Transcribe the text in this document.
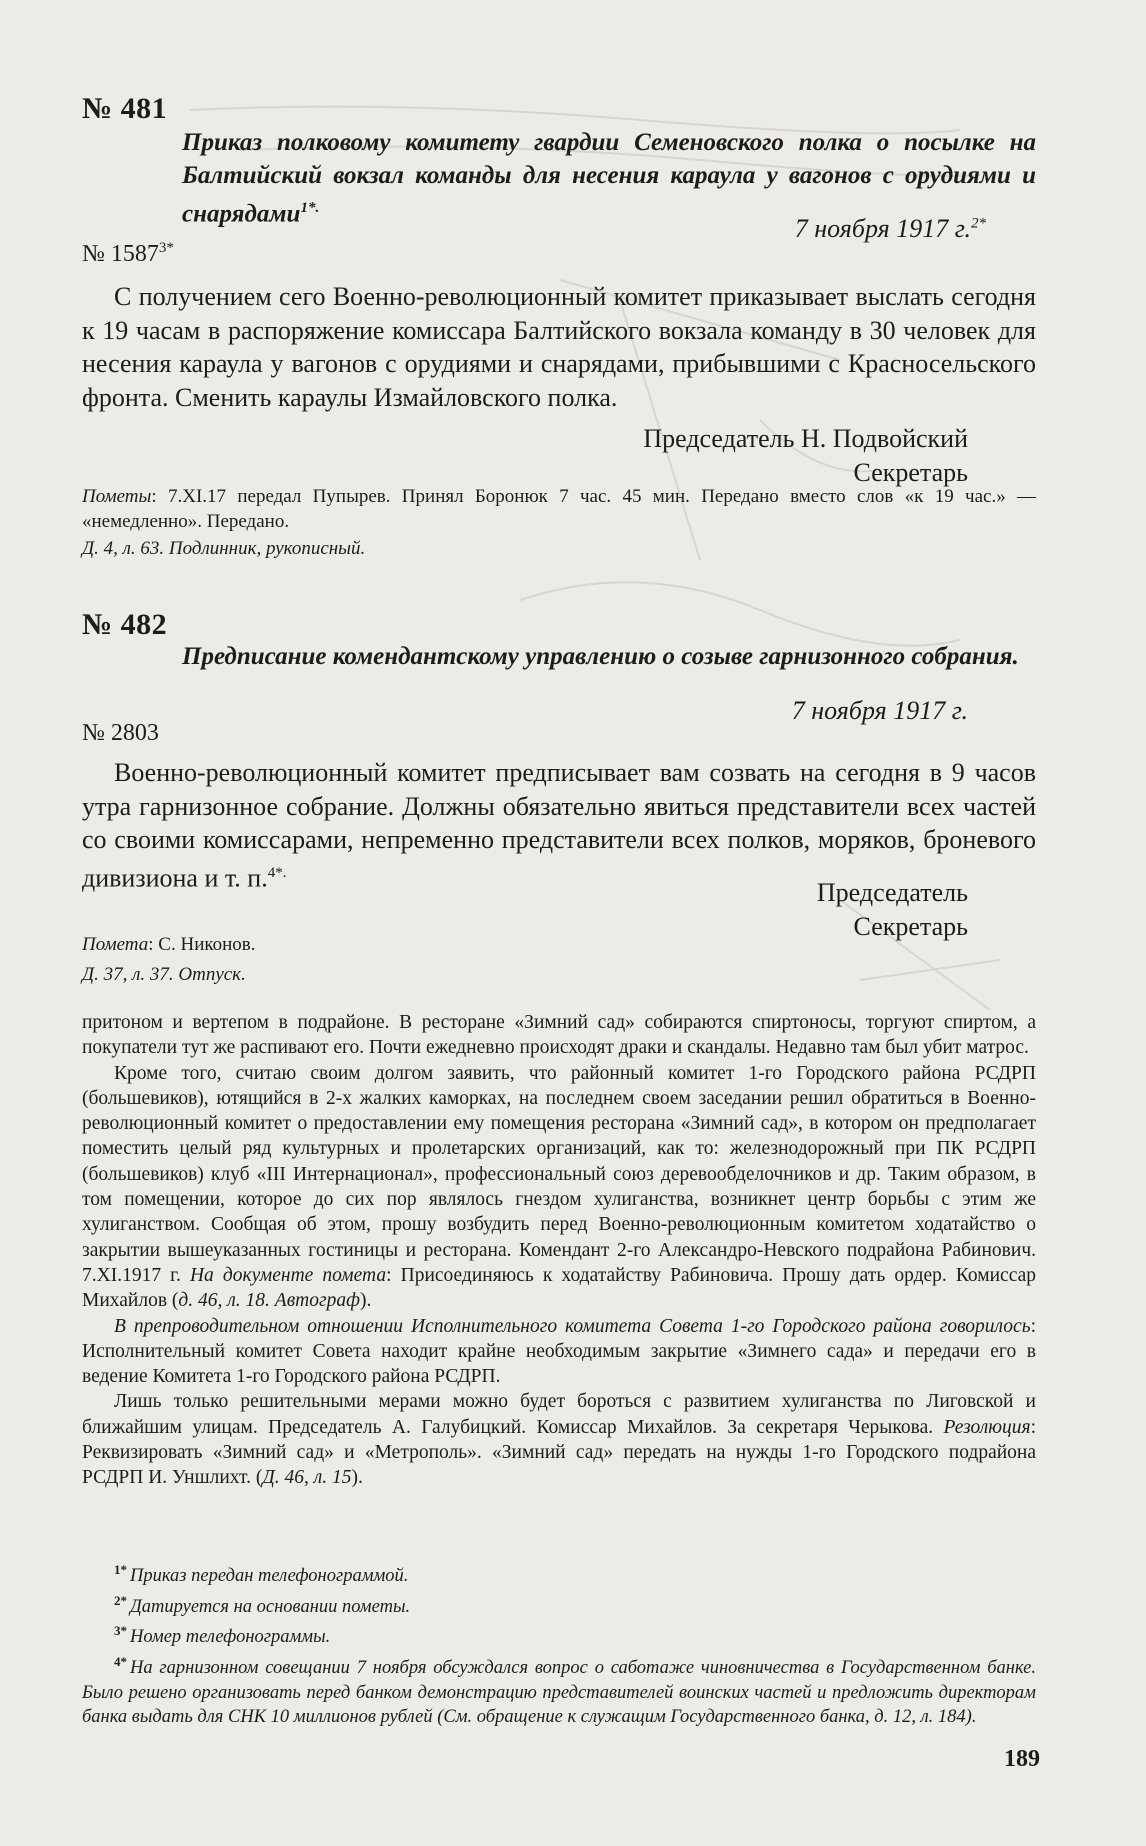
№ 481
Приказ полковому комитету гвардии Семеновского полка о посылке на Балтийский вокзал команды для несения караула у вагонов с орудиями и снарядами$^{1*.}$
7 ноября 1917 г.$^{2*}$
№ $1587^{3*}$
С получением сего Военно-революционный комитет приказывает выслать сегодня к 19 часам в распоряжение комиссара Балтийского вокзала команду в 30 человек для несения караула у вагонов с орудиями и снарядами, прибывшими с Красносельского фронта. Сменить караулы Измайловского полка.
Председатель Н. Подвойский
Секретарь
Пометы: 7.XI.17 передал Пупырев. Принял Боронюк 7 час. 45 мин. Передано вместо слов «к 19 час.» — «немедленно». Передано.
Д. 4, л. 63. Подлинник, рукописный.
№ 482
Предписание комендантскому управлению о созыве гарнизонного собрания.
7 ноября 1917 г.
№ 2803
Военно-революционный комитет предписывает вам созвать на сегодня в 9 часов утра гарнизонное собрание. Должны обязательно явиться представители всех частей со своими комиссарами, непременно представители всех полков, моряков, броневого дивизиона и т. п.$^{4*.}$
Председатель
Секретарь
Помета: С. Никонов.
Д. 37, л. 37. Отпуск.

притоном и вертепом в подрайоне. В ресторане «Зимний сад» собираются спиртоносы, торгуют спиртом, а покупатели тут же распивают его. Почти ежедневно происходят драки и скандалы. Недавно там был убит матрос.

Кроме того, считаю своим долгом заявить, что районный комитет 1-го Городского района РСДРП (большевиков), ютящийся в 2-х жалких каморках, на последнем своем заседании решил обратиться в Военно-революционный комитет о предоставлении ему помещения ресторана «Зимний сад», в котором он предполагает поместить целый ряд культурных и пролетарских организаций, как то: железнодорожный при ПК РСДРП (большевиков) клуб «III Интернационал», профессиональный союз деревообделочников и др. Таким образом, в том помещении, которое до сих пор являлось гнездом хулиганства, возникнет центр борьбы с этим же хулиганством. Сообщая об этом, прошу возбудить перед Военно-революционным комитетом ходатайство о закрытии вышеуказанных гостиницы и ресторана. Комендант 2-го Александро-Невского подрайона Рабинович. 7.XI.1917 г. На документе помета: Присоединяюсь к ходатайству Рабиновича. Прошу дать ордер. Комиссар Михайлов (д. 46, л. 18. Автограф).

В препроводительном отношении Исполнительного комитета Совета 1-го Городского района говорилось: Исполнительный комитет Совета находит крайне необходимым закрытие «Зимнего сада» и передачи его в ведение Комитета 1-го Городского района РСДРП.

Лишь только решительными мерами можно будет бороться с развитием хулиганства по Лиговской и ближайшим улицам. Председатель А. Галубицкий. Комиссар Михайлов. За секретаря Черыкова. Резолюция: Реквизировать «Зимний сад» и «Метрополь». «Зимний сад» передать на нужды 1-го Городского подрайона РСДРП И. Уншлихт. (Д. 46, л. 15).

$^{1*}$ Приказ передан телефонограммой.

$^{2*}$ Датируется на основании пометы.

$^{3*}$ Номер телефонограммы.

$^{4*}$ На гарнизонном совещании 7 ноября обсуждался вопрос о саботаже чиновничества в Государственном банке. Было решено организовать перед банком демонстрацию представителей воинских частей и предложить директорам банка выдать для СНК 10 миллионов рублей (См. обращение к служащим Государственного банка, д. 12, л. 184).

189
